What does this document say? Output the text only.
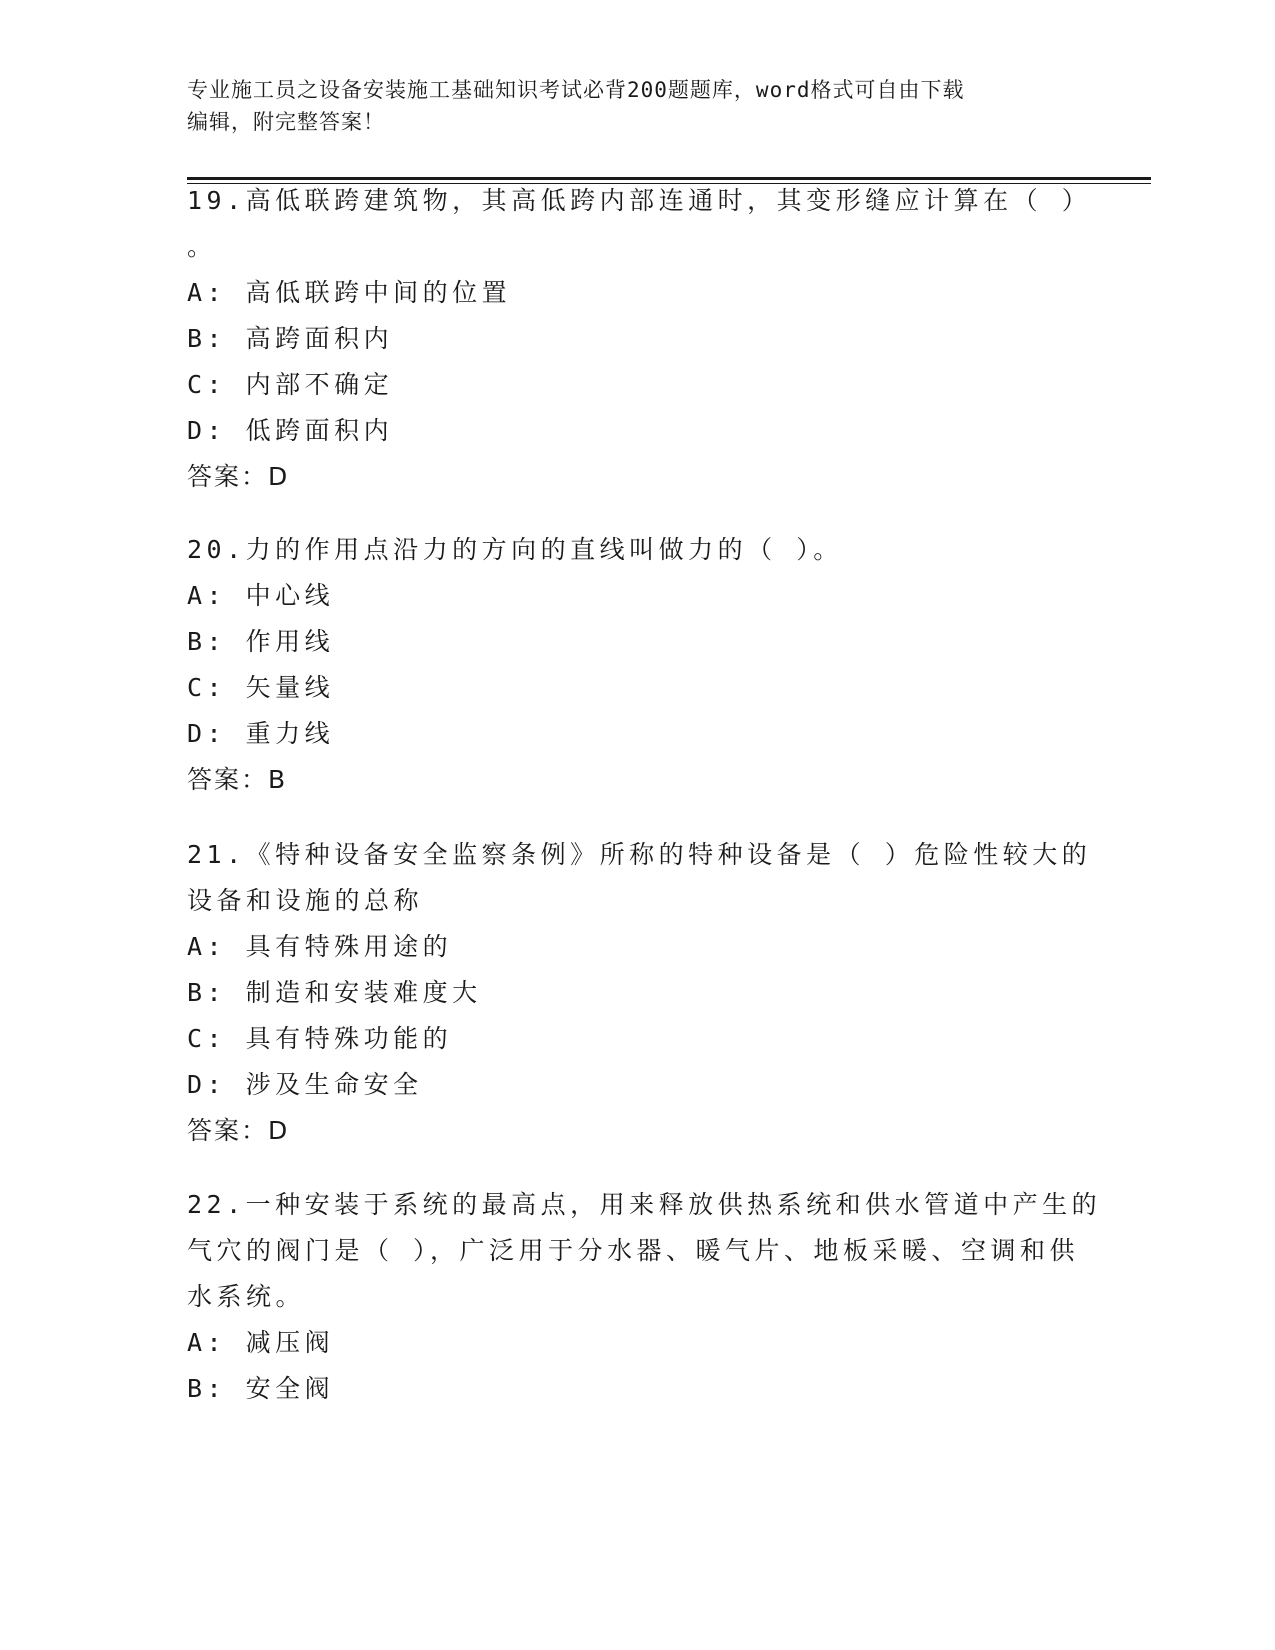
专业施工员之设备安装施工基础知识考试必背200题题库，word格式可自由下载
编辑，附完整答案！
19.高低联跨建筑物，其高低跨内部连通时，其变形缝应计算在（ ）
。
A: 高低联跨中间的位置
B: 高跨面积内
C: 内部不确定
D: 低跨面积内
答案：D
20.力的作用点沿力的方向的直线叫做力的（ ）。
A: 中心线
B: 作用线
C: 矢量线
D: 重力线
答案：B
21.《特种设备安全监察条例》所称的特种设备是（ ）危险性较大的
设备和设施的总称
A: 具有特殊用途的
B: 制造和安装难度大
C: 具有特殊功能的
D: 涉及生命安全
答案：D
22.一种安装于系统的最高点，用来释放供热系统和供水管道中产生的
气穴的阀门是（ ），广泛用于分水器、暖气片、地板采暖、空调和供
水系统。
A: 减压阀
B: 安全阀
